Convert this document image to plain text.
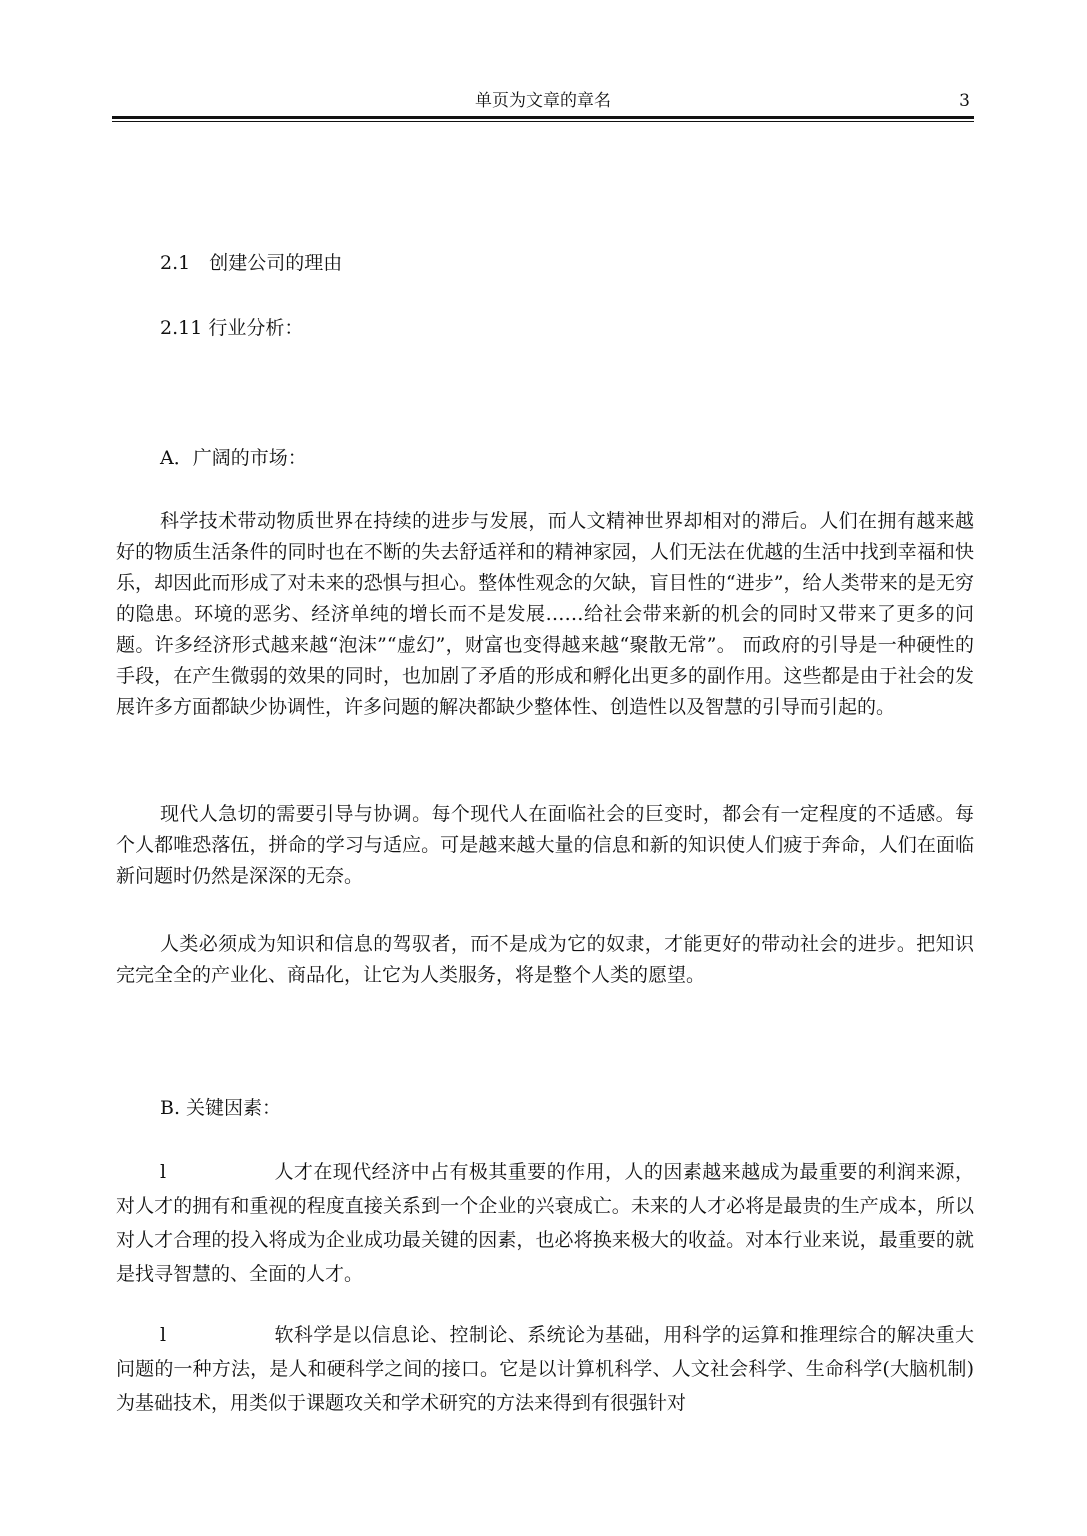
单页为文章的章名	3
2.1　创建公司的理由
2.11 行业分析：
A．广阔的市场：
科学技术带动物质世界在持续的进步与发展，而人文精神世界却相对的滞后。人们在拥有越来越好的物质生活条件的同时也在不断的失去舒适祥和的精神家园，人们无法在优越的生活中找到幸福和快乐，却因此而形成了对未来的恐惧与担心。整体性观念的欠缺，盲目性的“进步”，给人类带来的是无穷的隐患。环境的恶劣、经济单纯的增长而不是发展……给社会带来新的机会的同时又带来了更多的问题。许多经济形式越来越“泡沫”“虚幻”，财富也变得越来越“聚散无常”。 而政府的引导是一种硬性的手段，在产生微弱的效果的同时，也加剧了矛盾的形成和孵化出更多的副作用。这些都是由于社会的发展许多方面都缺少协调性，许多问题的解决都缺少整体性、创造性以及智慧的引导而引起的。
现代人急切的需要引导与协调。每个现代人在面临社会的巨变时，都会有一定程度的不适感。每个人都唯恐落伍，拼命的学习与适应。可是越来越大量的信息和新的知识使人们疲于奔命，人们在面临新问题时仍然是深深的无奈。
人类必须成为知识和信息的驾驭者，而不是成为它的奴隶，才能更好的带动社会的进步。把知识完完全全的产业化、商品化，让它为人类服务，将是整个人类的愿望。
B. 关键因素：
l	人才在现代经济中占有极其重要的作用，人的因素越来越成为最重要的利润来源，对人才的拥有和重视的程度直接关系到一个企业的兴衰成亡。未来的人才必将是最贵的生产成本，所以对人才合理的投入将成为企业成功最关键的因素，也必将换来极大的收益。对本行业来说，最重要的就是找寻智慧的、全面的人才。
l	软科学是以信息论、控制论、系统论为基础，用科学的运算和推理综合的解决重大问题的一种方法，是人和硬科学之间的接口。它是以计算机科学、人文社会科学、生命科学(大脑机制)为基础技术，用类似于课题攻关和学术研究的方法来得到有很强针对
